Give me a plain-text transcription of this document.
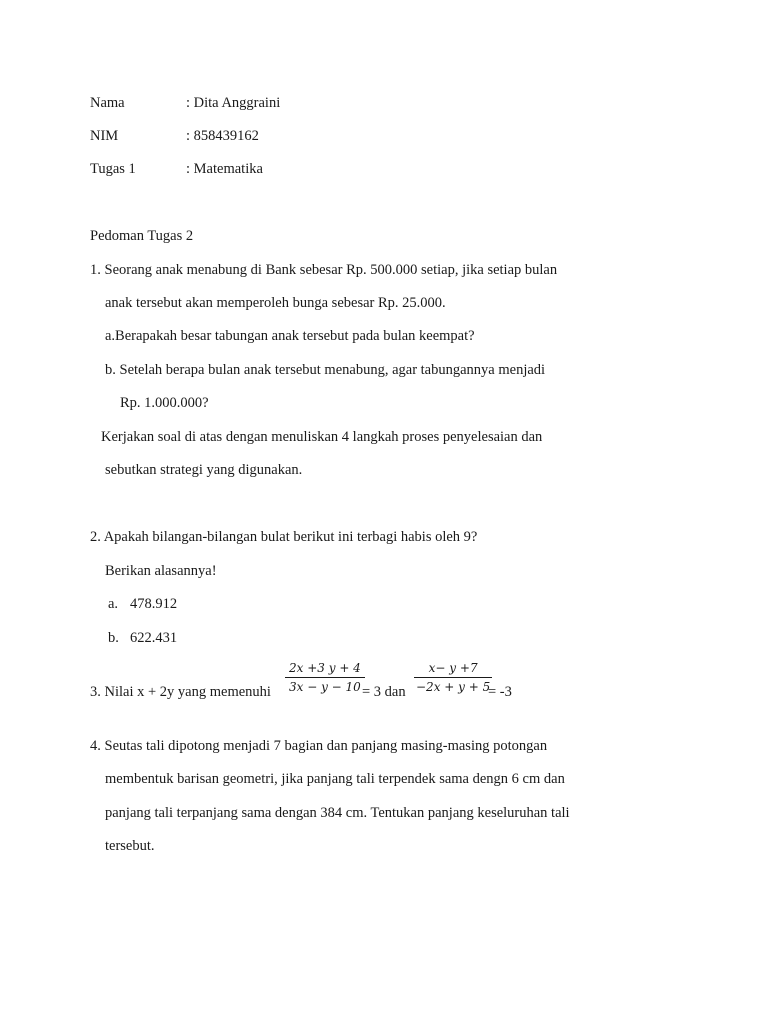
Nama	: Dita Anggraini
NIM	: 858439162
Tugas 1	: Matematika
Pedoman Tugas 2
1. Seorang anak menabung di Bank sebesar Rp. 500.000 setiap, jika setiap bulan
anak tersebut akan memperoleh bunga sebesar Rp. 25.000.
a.Berapakah besar tabungan anak tersebut pada bulan keempat?
b. Setelah berapa bulan anak tersebut menabung, agar tabungannya menjadi
Rp. 1.000.000?
Kerjakan soal di atas dengan menuliskan 4 langkah proses penyelesaian dan
sebutkan strategi yang digunakan.
2. Apakah bilangan-bilangan bulat berikut ini terbagi habis oleh 9?
Berikan alasannya!
a. 478.912
b. 622.431
3. Nilai x + 2y yang memenuhi $\frac{2x +3 y + 4}{3x - y - 10}$
= 3 dan $\frac{x- y +7}{-2x + y + 5}$
= -3
4. Seutas tali dipotong menjadi 7 bagian dan panjang masing-masing potongan
membentuk barisan geometri, jika panjang tali terpendek sama dengn 6 cm dan
panjang tali terpanjang sama dengan 384 cm. Tentukan panjang keseluruhan tali
tersebut.
